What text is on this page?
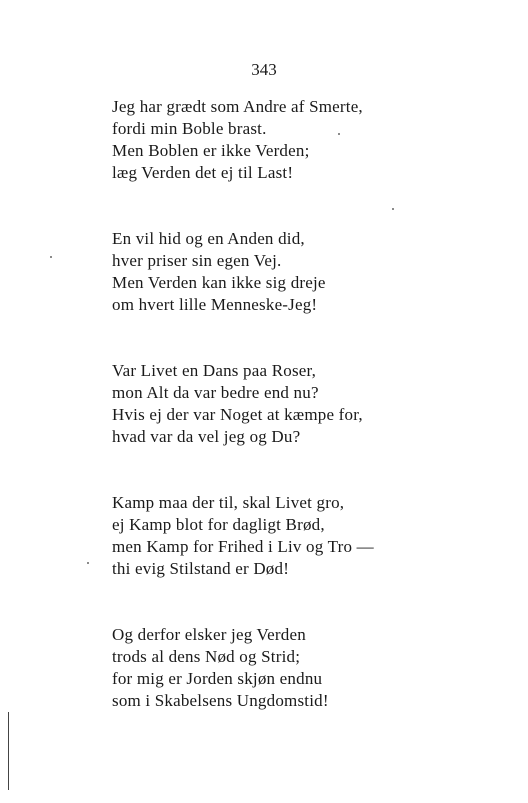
343
Jeg har grædt som Andre af Smerte,
fordi min Boble brast.
Men Boblen er ikke Verden;
læg Verden det ej til Last!
En vil hid og en Anden did,
hver priser sin egen Vej.
Men Verden kan ikke sig dreje
om hvert lille Menneske-Jeg!
Var Livet en Dans paa Roser,
mon Alt da var bedre end nu?
Hvis ej der var Noget at kæmpe for,
hvad var da vel jeg og Du?
Kamp maa der til, skal Livet gro,
ej Kamp blot for dagligt Brød,
men Kamp for Frihed i Liv og Tro —
thi evig Stilstand er Død!
Og derfor elsker jeg Verden
trods al dens Nød og Strid;
for mig er Jorden skjøn endnu
som i Skabelsens Ungdomstid!
